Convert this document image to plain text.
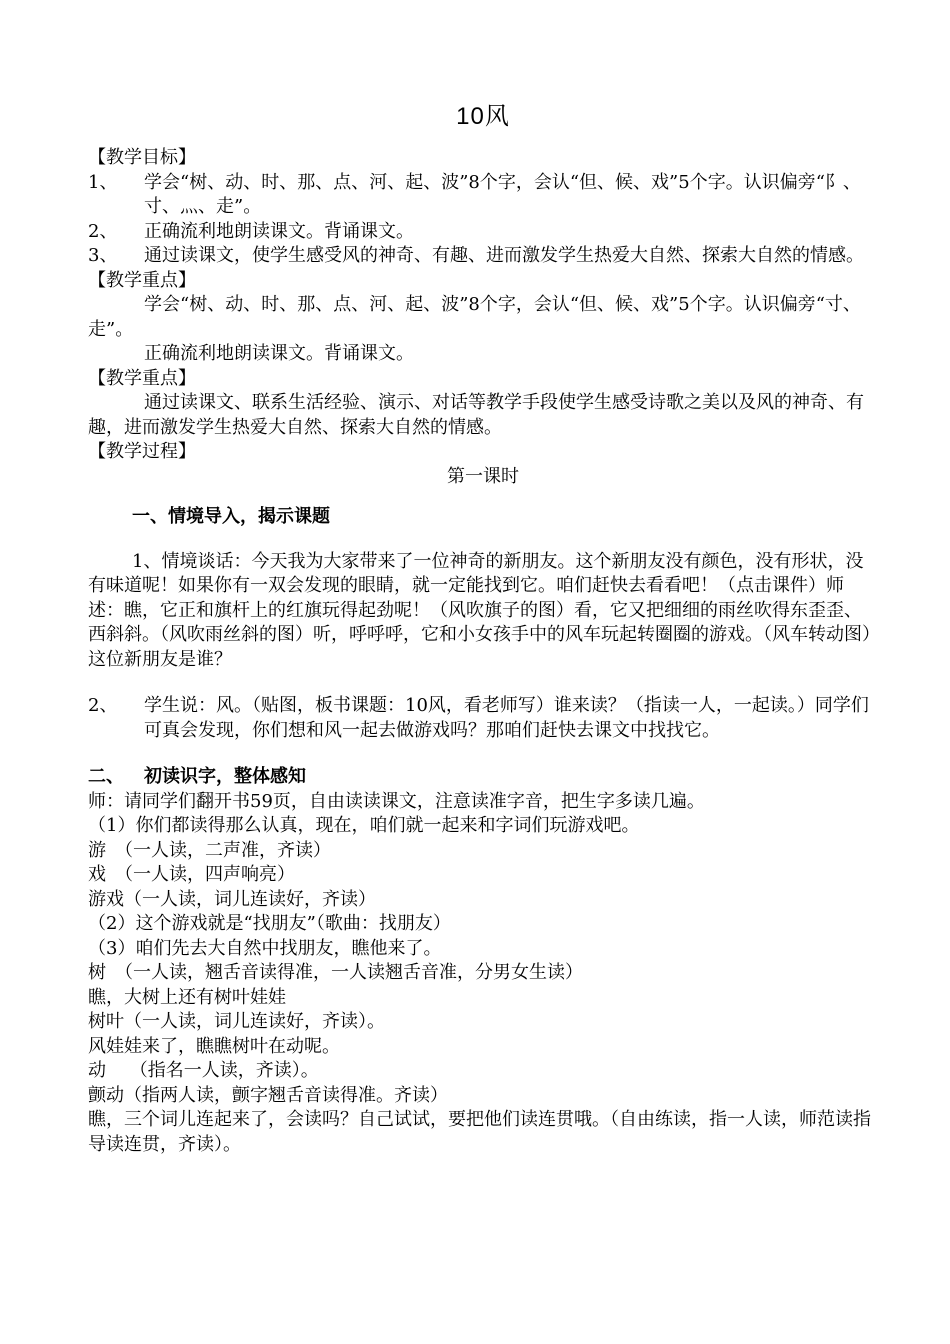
10风

【教学目标】

1、	学会“树、动、时、那、点、河、起、波”8个字，会认“但、候、戏”5个字。认识偏旁“阝、寸、灬、走”。
2、	正确流利地朗读课文。背诵课文。
3、	通过读课文，使学生感受风的神奇、有趣、进而激发学生热爱大自然、探索大自然的情感。

【教学重点】

学会“树、动、时、那、点、河、起、波”8个字，会认“但、候、戏”5个字。认识偏旁“寸、 走”。

正确流利地朗读课文。背诵课文。

【教学重点】

通过读课文、联系生活经验、演示、对话等教学手段使学生感受诗歌之美以及风的神奇、有趣，进而激发学生热爱大自然、探索大自然的情感。

【教学过程】

第一课时

一、情境导入，揭示课题

1、情境谈话：今天我为大家带来了一位神奇的新朋友。这个新朋友没有颜色，没有形状，没有味道呢！如果你有一双会发现的眼睛，就一定能找到它。咱们赶快去看看吧！（点击课件）师述：瞧，它正和旗杆上的红旗玩得起劲呢！（风吹旗子的图）看，它又把细细的雨丝吹得东歪歪、西斜斜。（风吹雨丝斜的图）听，呼呼呼，它和小女孩手中的风车玩起转圈圈的游戏。（风车转动图）这位新朋友是谁？

2、	学生说：风。（贴图，板书课题：10风，看老师写）谁来读？（指读一人，一起读。）同学们可真会发现，你们想和风一起去做游戏吗？那咱们赶快去课文中找找它。
二、	初读识字，整体感知

师：请同学们翻开书59页，自由读读课文，注意读准字音，把生字多读几遍。

（1）你们都读得那么认真，现在，咱们就一起来和字词们玩游戏吧。

游　（一人读，二声准，齐读）

戏　（一人读，四声响亮）

游戏（一人读，词儿连读好，齐读）

（2）这个游戏就是“找朋友”（歌曲：找朋友）

（3）咱们先去大自然中找朋友，瞧他来了。

树　（一人读，翘舌音读得准，一人读翘舌音准，分男女生读）

瞧，大树上还有树叶娃娃

树叶（一人读，词儿连读好，齐读）。

风娃娃来了，瞧瞧树叶在动呢。

动　 （指名一人读，齐读）。

颤动（指两人读，颤字翘舌音读得准。齐读）

瞧，三个词儿连起来了，会读吗？自己试试，要把他们读连贯哦。（自由练读，指一人读，师范读指导读连贯，齐读）。
